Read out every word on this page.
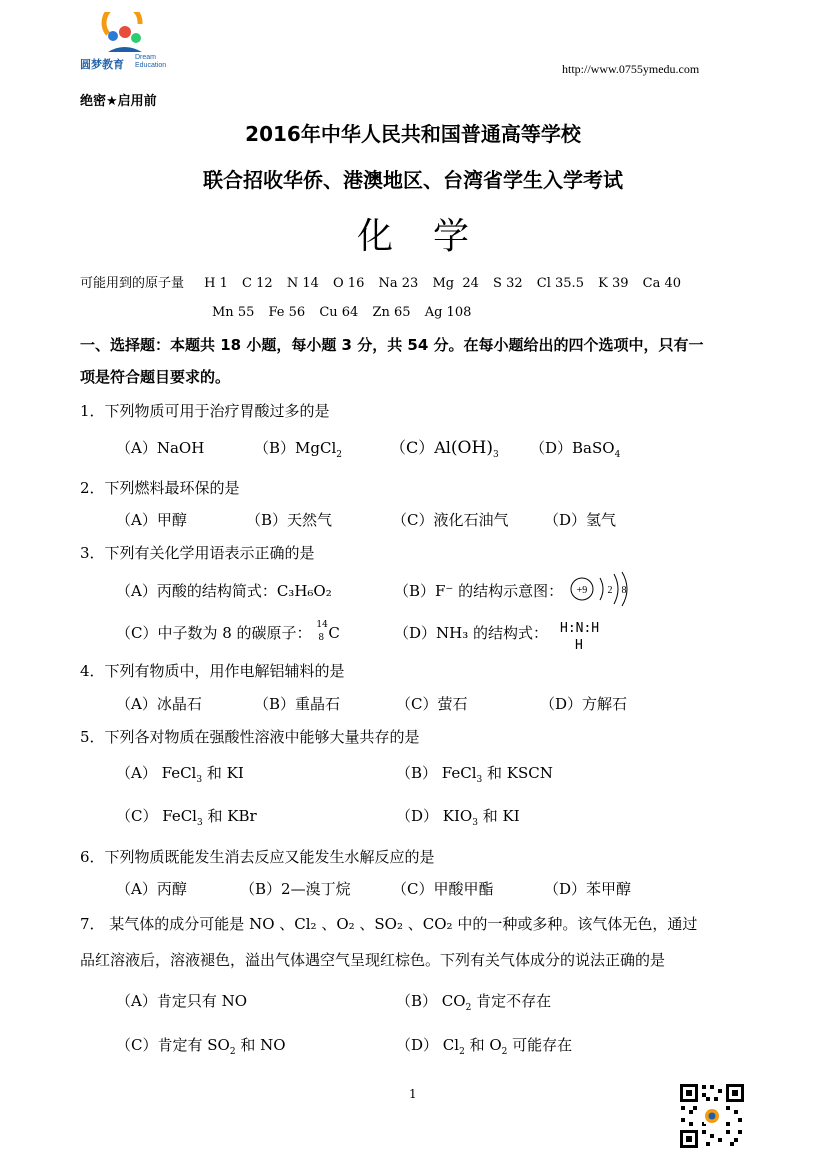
圆梦教育
Dream
Education	http://www.0755ymedu.com
绝密★启用前
2016年中华人民共和国普通高等学校
联合招收华侨、港澳地区、台湾省学生入学考试
化学
可能用到的原子量 H 1 C 12 N 14 O 16 Na 23 Mg  24 S 32 Cl 35.5 K 39 Ca 40
Mn 55 Fe 56 Cu 64 Zn 65 Ag 108
一、选择题：本题共 18 小题，每小题 3 分，共 54 分。在每小题给出的四个选项中，只有一
项是符合题目要求的。
1．下列物质可用于治疗胃酸过多的是
（A）NaOH	（B）MgCl$_2$	$(C)Al(OH)_3$ （D）BaSO$_4$
2．下列燃料最环保的是
（A）甲醇	（B）天然气	（C）液化石油气 （D）氢气
3．下列有关化学用语表示正确的是
（A）丙酸的结构简式：C₃H₆O₂	（B）F⁻ 的结构示意图： +9 2 8
（C）中子数为 8 的碳原子： 14
8 C	（D）NH₃ 的结构式： H:N:H
H
4．下列有物质中，用作电解铝辅料的是
（A）冰晶石	（B）重晶石	（C）萤石	（D）方解石
5．下列各对物质在强酸性溶液中能够大量共存的是
（A） FeCl$_3$ 和 KI	（B） FeCl$_3$ 和 KSCN
（C） FeCl$_3$ 和 KBr	（D） $KIO_3$ 和 KI
6．下列物质既能发生消去反应又能发生水解反应的是
（A）丙醇	（B）2—溴丁烷	（C）甲酸甲酯	（D）苯甲醇
7． 某气体的成分可能是 NO 、Cl₂ 、O₂ 、SO₂ 、CO₂ 中的一种或多种。该气体无色，通过
品红溶液后，溶液褪色，溢出气体遇空气呈现红棕色。下列有关气体成分的说法正确的是
（A）肯定只有 NO	（B） $CO_2$ 肯定不存在
（C）肯定有 $SO_2$ 和 NO	（D） $Cl_2$ 和 $O_2$ 可能存在
1
